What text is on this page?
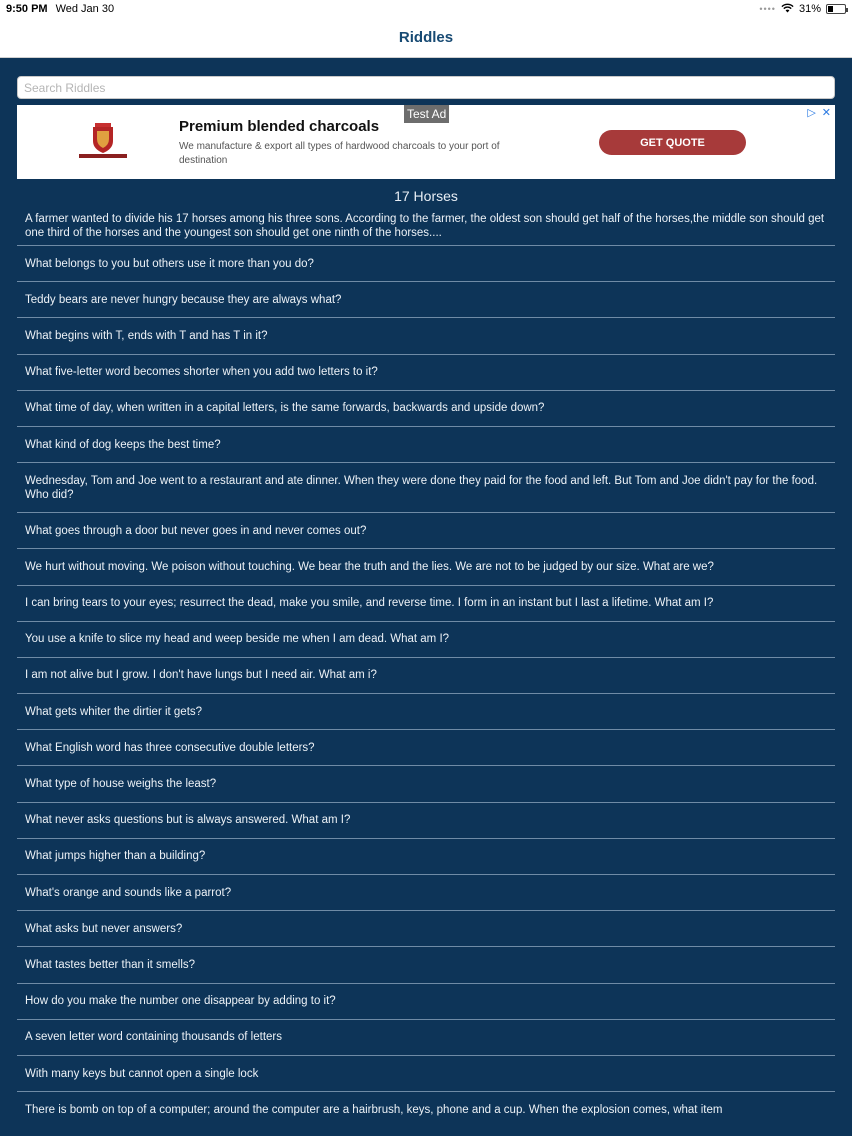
9:50 PM Wed Jan 30	•••• 31%
Riddles
Search Riddles
Test Ad
Premium blended charcoals
We manufacture & export all types of hardwood charcoals to your port of destination
GET QUOTE
▷ ✕
17 Horses
A farmer wanted to divide his 17 horses among his three sons. According to the farmer, the oldest son should get half of the horses,the middle son should get one third of the horses and the youngest son should get one ninth of the horses....
What belongs to you but others use it more than you do?
Teddy bears are never hungry because they are always what?
What begins with T, ends with T and has T in it?
What five-letter word becomes shorter when you add two letters to it?
What time of day, when written in a capital letters, is the same forwards, backwards and upside down?
What kind of dog keeps the best time?
Wednesday, Tom and Joe went to a restaurant and ate dinner. When they were done they paid for the food and left. But Tom and Joe didn't pay for the food. Who did?
What goes through a door but never goes in and never comes out?
We hurt without moving. We poison without touching. We bear the truth and the lies. We are not to be judged by our size. What are we?
I can bring tears to your eyes; resurrect the dead, make you smile, and reverse time. I form in an instant but I last a lifetime. What am I?
You use a knife to slice my head and weep beside me when I am dead. What am I?
I am not alive but I grow. I don't have lungs but I need air. What am i?
What gets whiter the dirtier it gets?
What English word has three consecutive double letters?
What type of house weighs the least?
What never asks questions but is always answered. What am I?
What jumps higher than a building?
What's orange and sounds like a parrot?
What asks but never answers?
What tastes better than it smells?
How do you make the number one disappear by adding to it?
A seven letter word containing thousands of letters
With many keys but cannot open a single lock
There is bomb on top of a computer; around the computer are a hairbrush, keys, phone and a cup. When the explosion comes, what item
